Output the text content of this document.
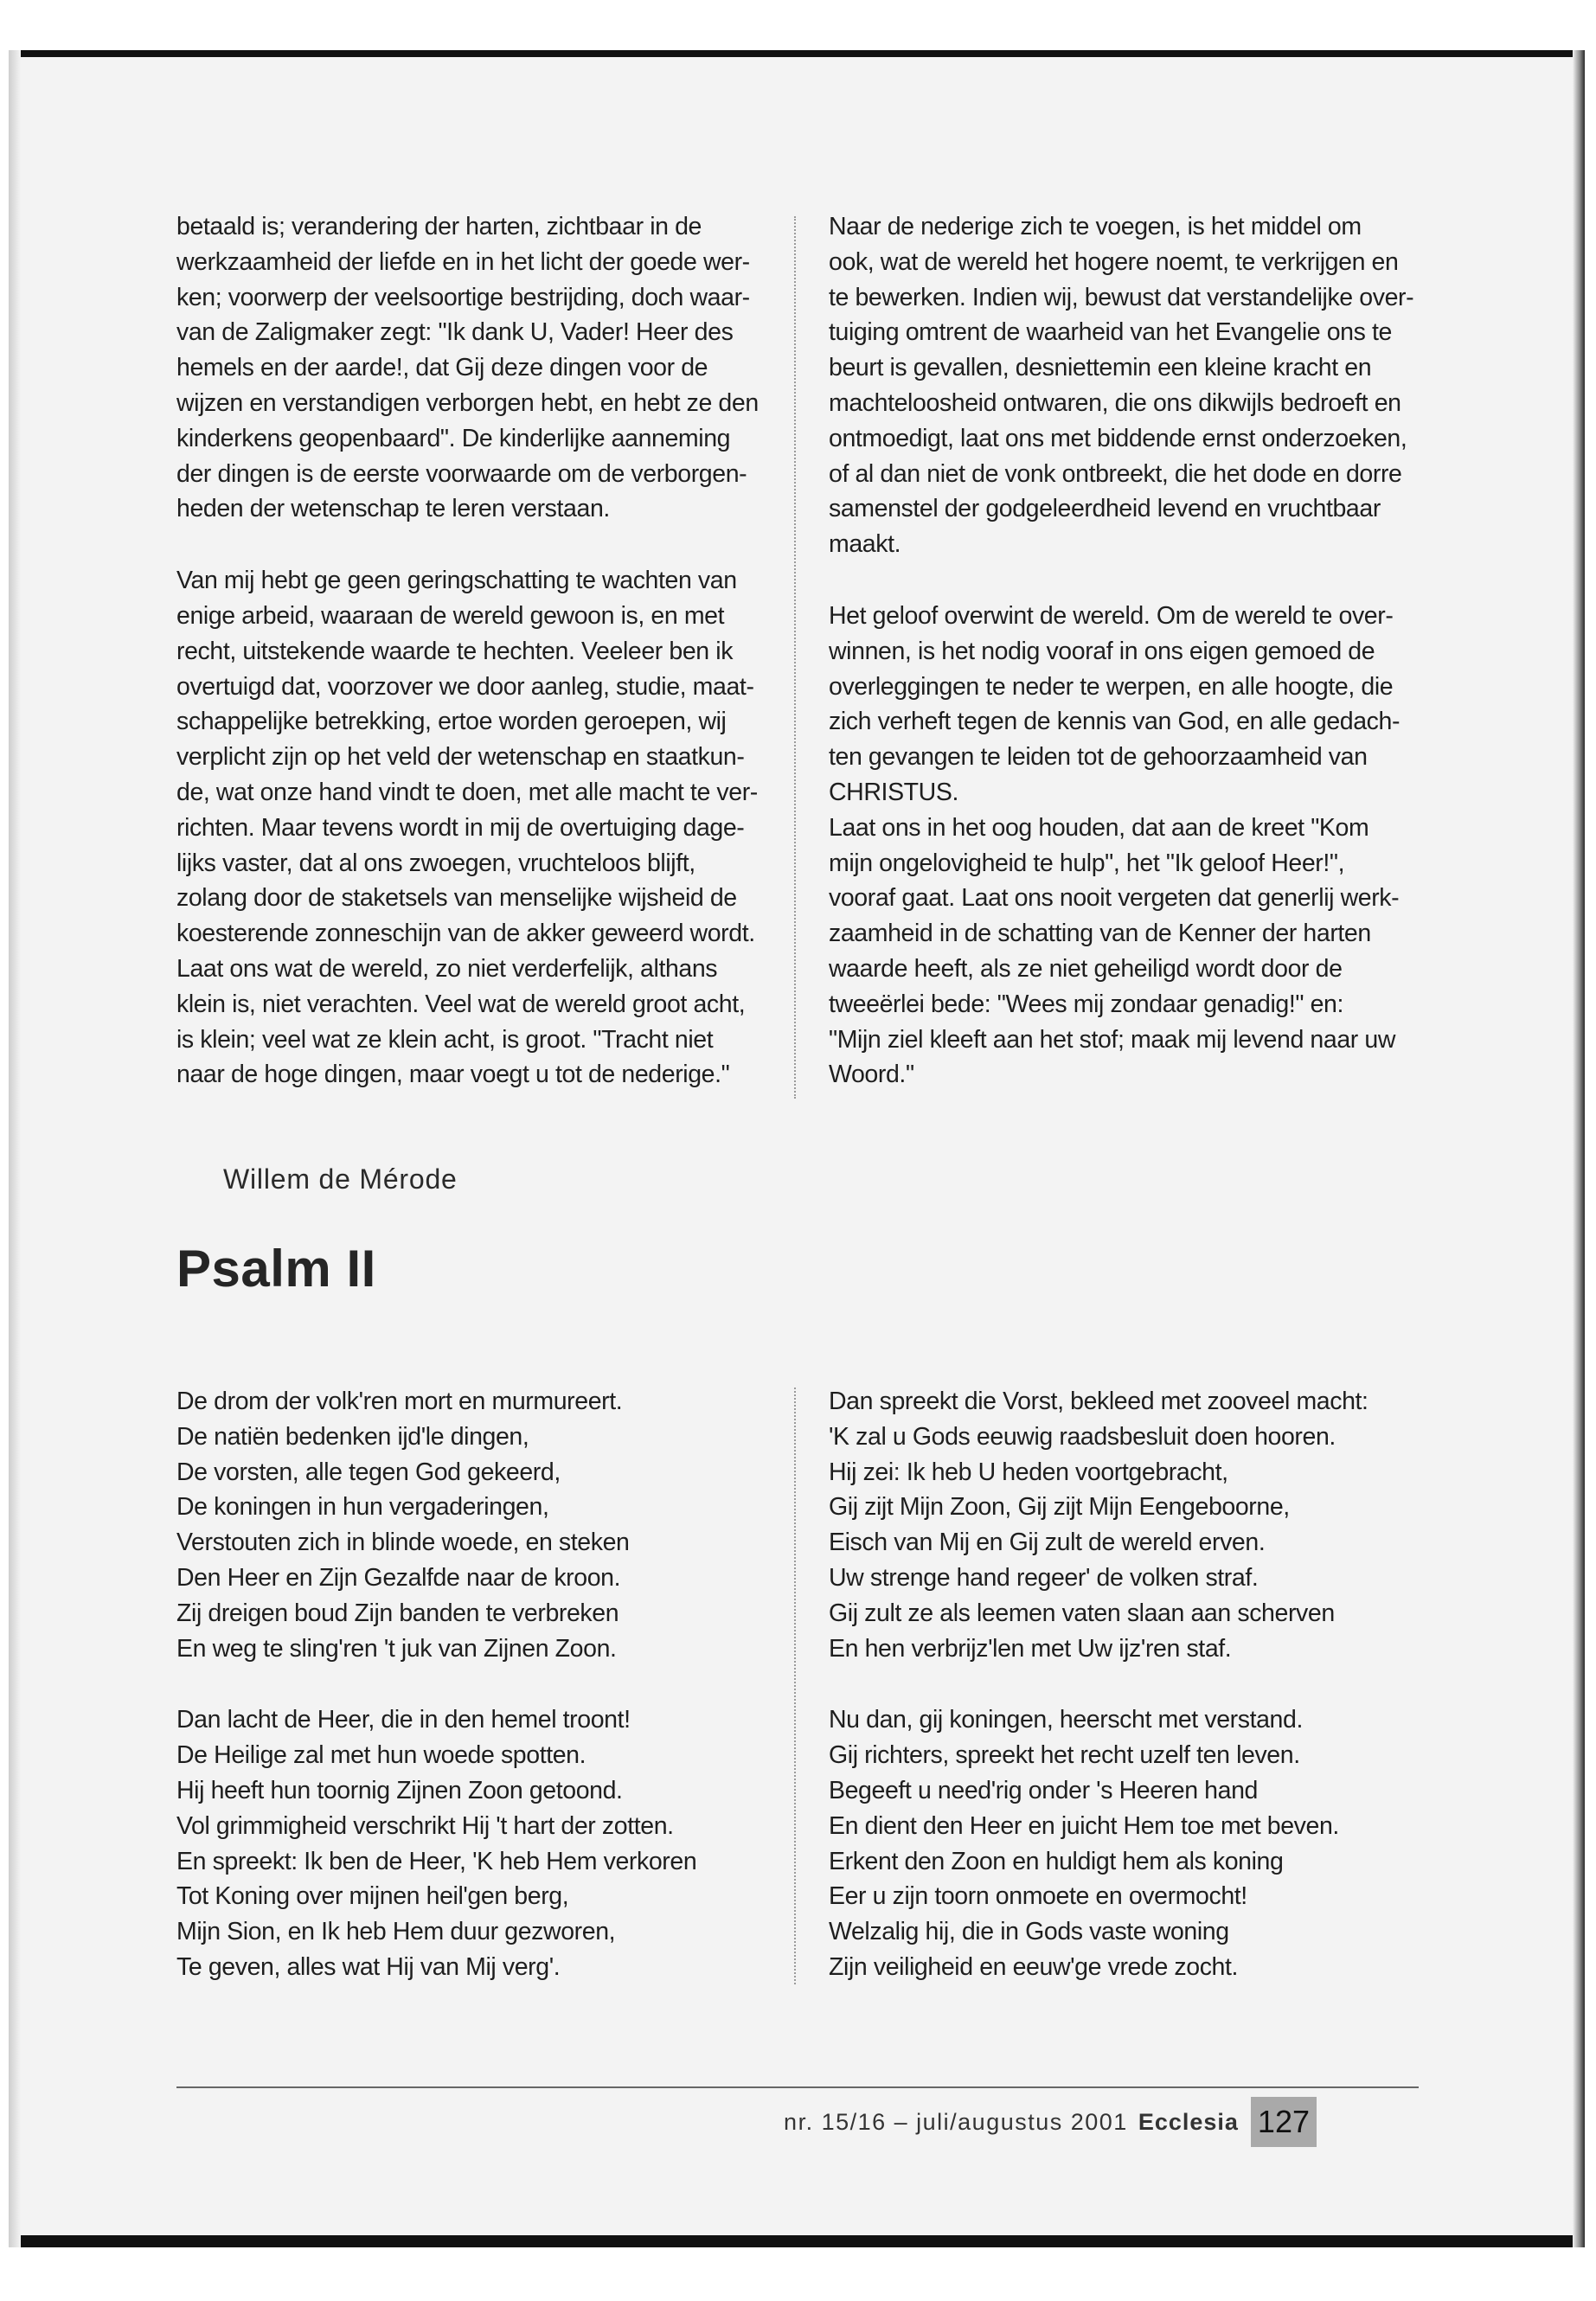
betaald is; verandering der harten, zichtbaar in de
werkzaamheid der liefde en in het licht der goede wer-
ken; voorwerp der veelsoortige bestrijding, doch waar-
van de Zaligmaker zegt: "Ik dank U, Vader! Heer des
hemels en der aarde!, dat Gij deze dingen voor de
wijzen en verstandigen verborgen hebt, en hebt ze den
kinderkens geopenbaard". De kinderlijke aanneming
der dingen is de eerste voorwaarde om de verborgen-
heden der wetenschap te leren verstaan.

Van mij hebt ge geen geringschatting te wachten van
enige arbeid, waaraan de wereld gewoon is, en met
recht, uitstekende waarde te hechten. Veeleer ben ik
overtuigd dat, voorzover we door aanleg, studie, maat-
schappelijke betrekking, ertoe worden geroepen, wij
verplicht zijn op het veld der wetenschap en staatkun-
de, wat onze hand vindt te doen, met alle macht te ver-
richten. Maar tevens wordt in mij de overtuiging dage-
lijks vaster, dat al ons zwoegen, vruchteloos blijft,
zolang door de staketsels van menselijke wijsheid de
koesterende zonneschijn van de akker geweerd wordt.
Laat ons wat de wereld, zo niet verderfelijk, althans
klein is, niet verachten. Veel wat de wereld groot acht,
is klein; veel wat ze klein acht, is groot. "Tracht niet
naar de hoge dingen, maar voegt u tot de nederige."

Naar de nederige zich te voegen, is het middel om
ook, wat de wereld het hogere noemt, te verkrijgen en
te bewerken. Indien wij, bewust dat verstandelijke over-
tuiging omtrent de waarheid van het Evangelie ons te
beurt is gevallen, desniettemin een kleine kracht en
machteloosheid ontwaren, die ons dikwijls bedroeft en
ontmoedigt, laat ons met biddende ernst onderzoeken,
of al dan niet de vonk ontbreekt, die het dode en dorre
samenstel der godgeleerdheid levend en vruchtbaar
maakt.

Het geloof overwint de wereld. Om de wereld te over-
winnen, is het nodig vooraf in ons eigen gemoed de
overleggingen te neder te werpen, en alle hoogte, die
zich verheft tegen de kennis van God, en alle gedach-
ten gevangen te leiden tot de gehoorzaamheid van
CHRISTUS.
Laat ons in het oog houden, dat aan de kreet "Kom
mijn ongelovigheid te hulp", het "Ik geloof Heer!",
vooraf gaat. Laat ons nooit vergeten dat generlij werk-
zaamheid in de schatting van de Kenner der harten
waarde heeft, als ze niet geheiligd wordt door de
tweeërlei bede: "Wees mij zondaar genadig!" en:
"Mijn ziel kleeft aan het stof; maak mij levend naar uw
Woord."

Willem de Mérode
Psalm II

De drom der volk'ren mort en murmureert.
De natiën bedenken ijd'le dingen,
De vorsten, alle tegen God gekeerd,
De koningen in hun vergaderingen,
Verstouten zich in blinde woede, en steken
Den Heer en Zijn Gezalfde naar de kroon.
Zij dreigen boud Zijn banden te verbreken
En weg te sling'ren 't juk van Zijnen Zoon.

Dan lacht de Heer, die in den hemel troont!
De Heilige zal met hun woede spotten.
Hij heeft hun toornig Zijnen Zoon getoond.
Vol grimmigheid verschrikt Hij 't hart der zotten.
En spreekt: Ik ben de Heer, 'K heb Hem verkoren
Tot Koning over mijnen heil'gen berg,
Mijn Sion, en Ik heb Hem duur gezworen,
Te geven, alles wat Hij van Mij verg'.

Dan spreekt die Vorst, bekleed met zooveel macht:
'K zal u Gods eeuwig raadsbesluit doen hooren.
Hij zei: Ik heb U heden voortgebracht,
Gij zijt Mijn Zoon, Gij zijt Mijn Eengeboorne,
Eisch van Mij en Gij zult de wereld erven.
Uw strenge hand regeer' de volken straf.
Gij zult ze als leemen vaten slaan aan scherven
En hen verbrijz'len met Uw ijz'ren staf.

Nu dan, gij koningen, heerscht met verstand.
Gij richters, spreekt het recht uzelf ten leven.
Begeeft u need'rig onder 's Heeren hand
En dient den Heer en juicht Hem toe met beven.
Erkent den Zoon en huldigt hem als koning
Eer u zijn toorn onmoete en overmocht!
Welzalig hij, die in Gods vaste woning
Zijn veiligheid en eeuw'ge vrede zocht.

nr. 15/16 – juli/augustus 2001 Ecclesia 127
